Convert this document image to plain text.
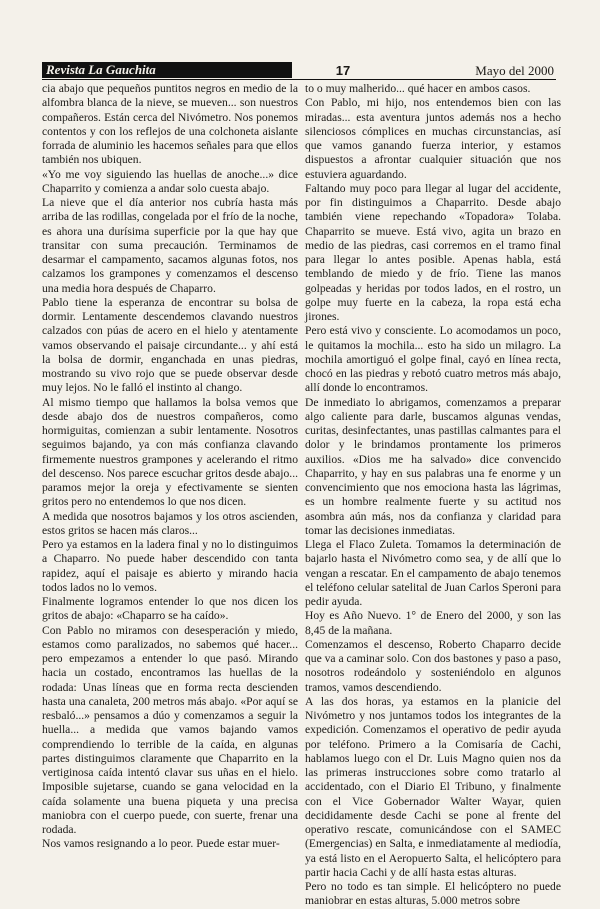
Revista La Gauchita	17	Mayo del 2000

cia abajo que pequeños puntitos negros en medio de la alfombra blanca de la nieve, se mueven... son nuestros compañeros. Están cerca del Nivómetro. Nos ponemos contentos y con los reflejos de una colchoneta aislante forrada de aluminio les hacemos señales para que ellos también nos ubiquen.

«Yo me voy siguiendo las huellas de anoche...» dice Chaparrito y comienza a andar solo cuesta abajo.

La nieve que el día anterior nos cubría hasta más arriba de las rodillas, congelada por el frío de la noche, es ahora una durísima superficie por la que hay que transitar con suma precaución. Terminamos de desarmar el campamento, sacamos algunas fotos, nos calzamos los grampones y comenzamos el descenso una media hora después de Chaparro.

Pablo tiene la esperanza de encontrar su bolsa de dormir. Lentamente descendemos clavando nuestros calzados con púas de acero en el hielo y atentamente vamos observando el paisaje circundante... y ahí está la bolsa de dormir, enganchada en unas piedras, mostrando su vivo rojo que se puede observar desde muy lejos. No le falló el instinto al chango.

Al mismo tiempo que hallamos la bolsa vemos que desde abajo dos de nuestros compañeros, como hormiguitas, comienzan a subir lentamente. Nosotros seguimos bajando, ya con más confianza clavando firmemente nuestros grampones y acelerando el ritmo del descenso. Nos parece escuchar gritos desde abajo... paramos mejor la oreja y efectivamente se sienten gritos pero no entendemos lo que nos dicen.

A medida que nosotros bajamos y los otros ascienden, estos gritos se hacen más claros...

Pero ya estamos en la ladera final y no lo distinguimos a Chaparro. No puede haber descendido con tanta rapidez, aquí el paisaje es abierto y mirando hacia todos lados no lo vemos.

Finalmente logramos entender lo que nos dicen los gritos de abajo: «Chaparro se ha caído».

Con Pablo no miramos con desesperación y miedo, estamos como paralizados, no sabemos qué hacer... pero empezamos a entender lo que pasó. Mirando hacia un costado, encontramos las huellas de la rodada: Unas líneas que en forma recta descienden hasta una canaleta, 200 metros más abajo. «Por aquí se resbaló...» pensamos a dúo y comenzamos a seguir la huella... a medida que vamos bajando vamos comprendiendo lo terrible de la caída, en algunas partes distinguimos claramente que Chaparrito en la vertiginosa caída intentó clavar sus uñas en el hielo. Imposible sujetarse, cuando se gana velocidad en la caída solamente una buena piqueta y una precisa maniobra con el cuerpo puede, con suerte, frenar una rodada.

Nos vamos resignando a lo peor. Puede estar muer-

to o muy malherido... qué hacer en ambos casos.

Con Pablo, mi hijo, nos entendemos bien con las miradas... esta aventura juntos además nos a hecho silenciosos cómplices en muchas circunstancias, así que vamos ganando fuerza interior, y estamos dispuestos a afrontar cualquier situación que nos estuviera aguardando.

Faltando muy poco para llegar al lugar del accidente, por fin distinguimos a Chaparrito. Desde abajo también viene repechando «Topadora» Tolaba. Chaparrito se mueve. Está vivo, agita un brazo en medio de las piedras, casi corremos en el tramo final para llegar lo antes posible. Apenas habla, está temblando de miedo y de frío. Tiene las manos golpeadas y heridas por todos lados, en el rostro, un golpe muy fuerte en la cabeza, la ropa está echa jirones.

Pero está vivo y consciente. Lo acomodamos un poco, le quitamos la mochila... esto ha sido un milagro. La mochila amortiguó el golpe final, cayó en línea recta, chocó en las piedras y rebotó cuatro metros más abajo, allí donde lo encontramos.

De inmediato lo abrigamos, comenzamos a preparar algo caliente para darle, buscamos algunas vendas, curitas, desinfectantes, unas pastillas calmantes para el dolor y le brindamos prontamente los primeros auxilios. «Dios me ha salvado» dice convencido Chaparrito, y hay en sus palabras una fe enorme y un convencimiento que nos emociona hasta las lágrimas, es un hombre realmente fuerte y su actitud nos asombra aún más, nos da confianza y claridad para tomar las decisiones inmediatas.

Llega el Flaco Zuleta. Tomamos la determinación de bajarlo hasta el Nivómetro como sea, y de allí que lo vengan a rescatar. En el campamento de abajo tenemos el teléfono celular satelital de Juan Carlos Speroni para pedir ayuda.

Hoy es Año Nuevo. 1° de Enero del 2000, y son las 8,45 de la mañana.

Comenzamos el descenso, Roberto Chaparro decide que va a caminar solo. Con dos bastones y paso a paso, nosotros rodeándolo y sosteniéndolo en algunos tramos, vamos descendiendo.

A las dos horas, ya estamos en la planicie del Nivómetro y nos juntamos todos los integrantes de la expedición. Comenzamos el operativo de pedir ayuda por teléfono. Primero a la Comisaría de Cachi, hablamos luego con el Dr. Luis Magno quien nos da las primeras instrucciones sobre como tratarlo al accidentado, con el Diario El Tribuno, y finalmente con el Vice Gobernador Walter Wayar, quien decididamente desde Cachi se pone al frente del operativo rescate, comunicándose con el SAMEC (Emergencias) en Salta, e inmediatamente al mediodía, ya está listo en el Aeropuerto Salta, el helicóptero para partir hacia Cachi y de allí hasta estas alturas.

Pero no todo es tan simple. El helicóptero no puede maniobrar en estas alturas, 5.000 metros sobre
